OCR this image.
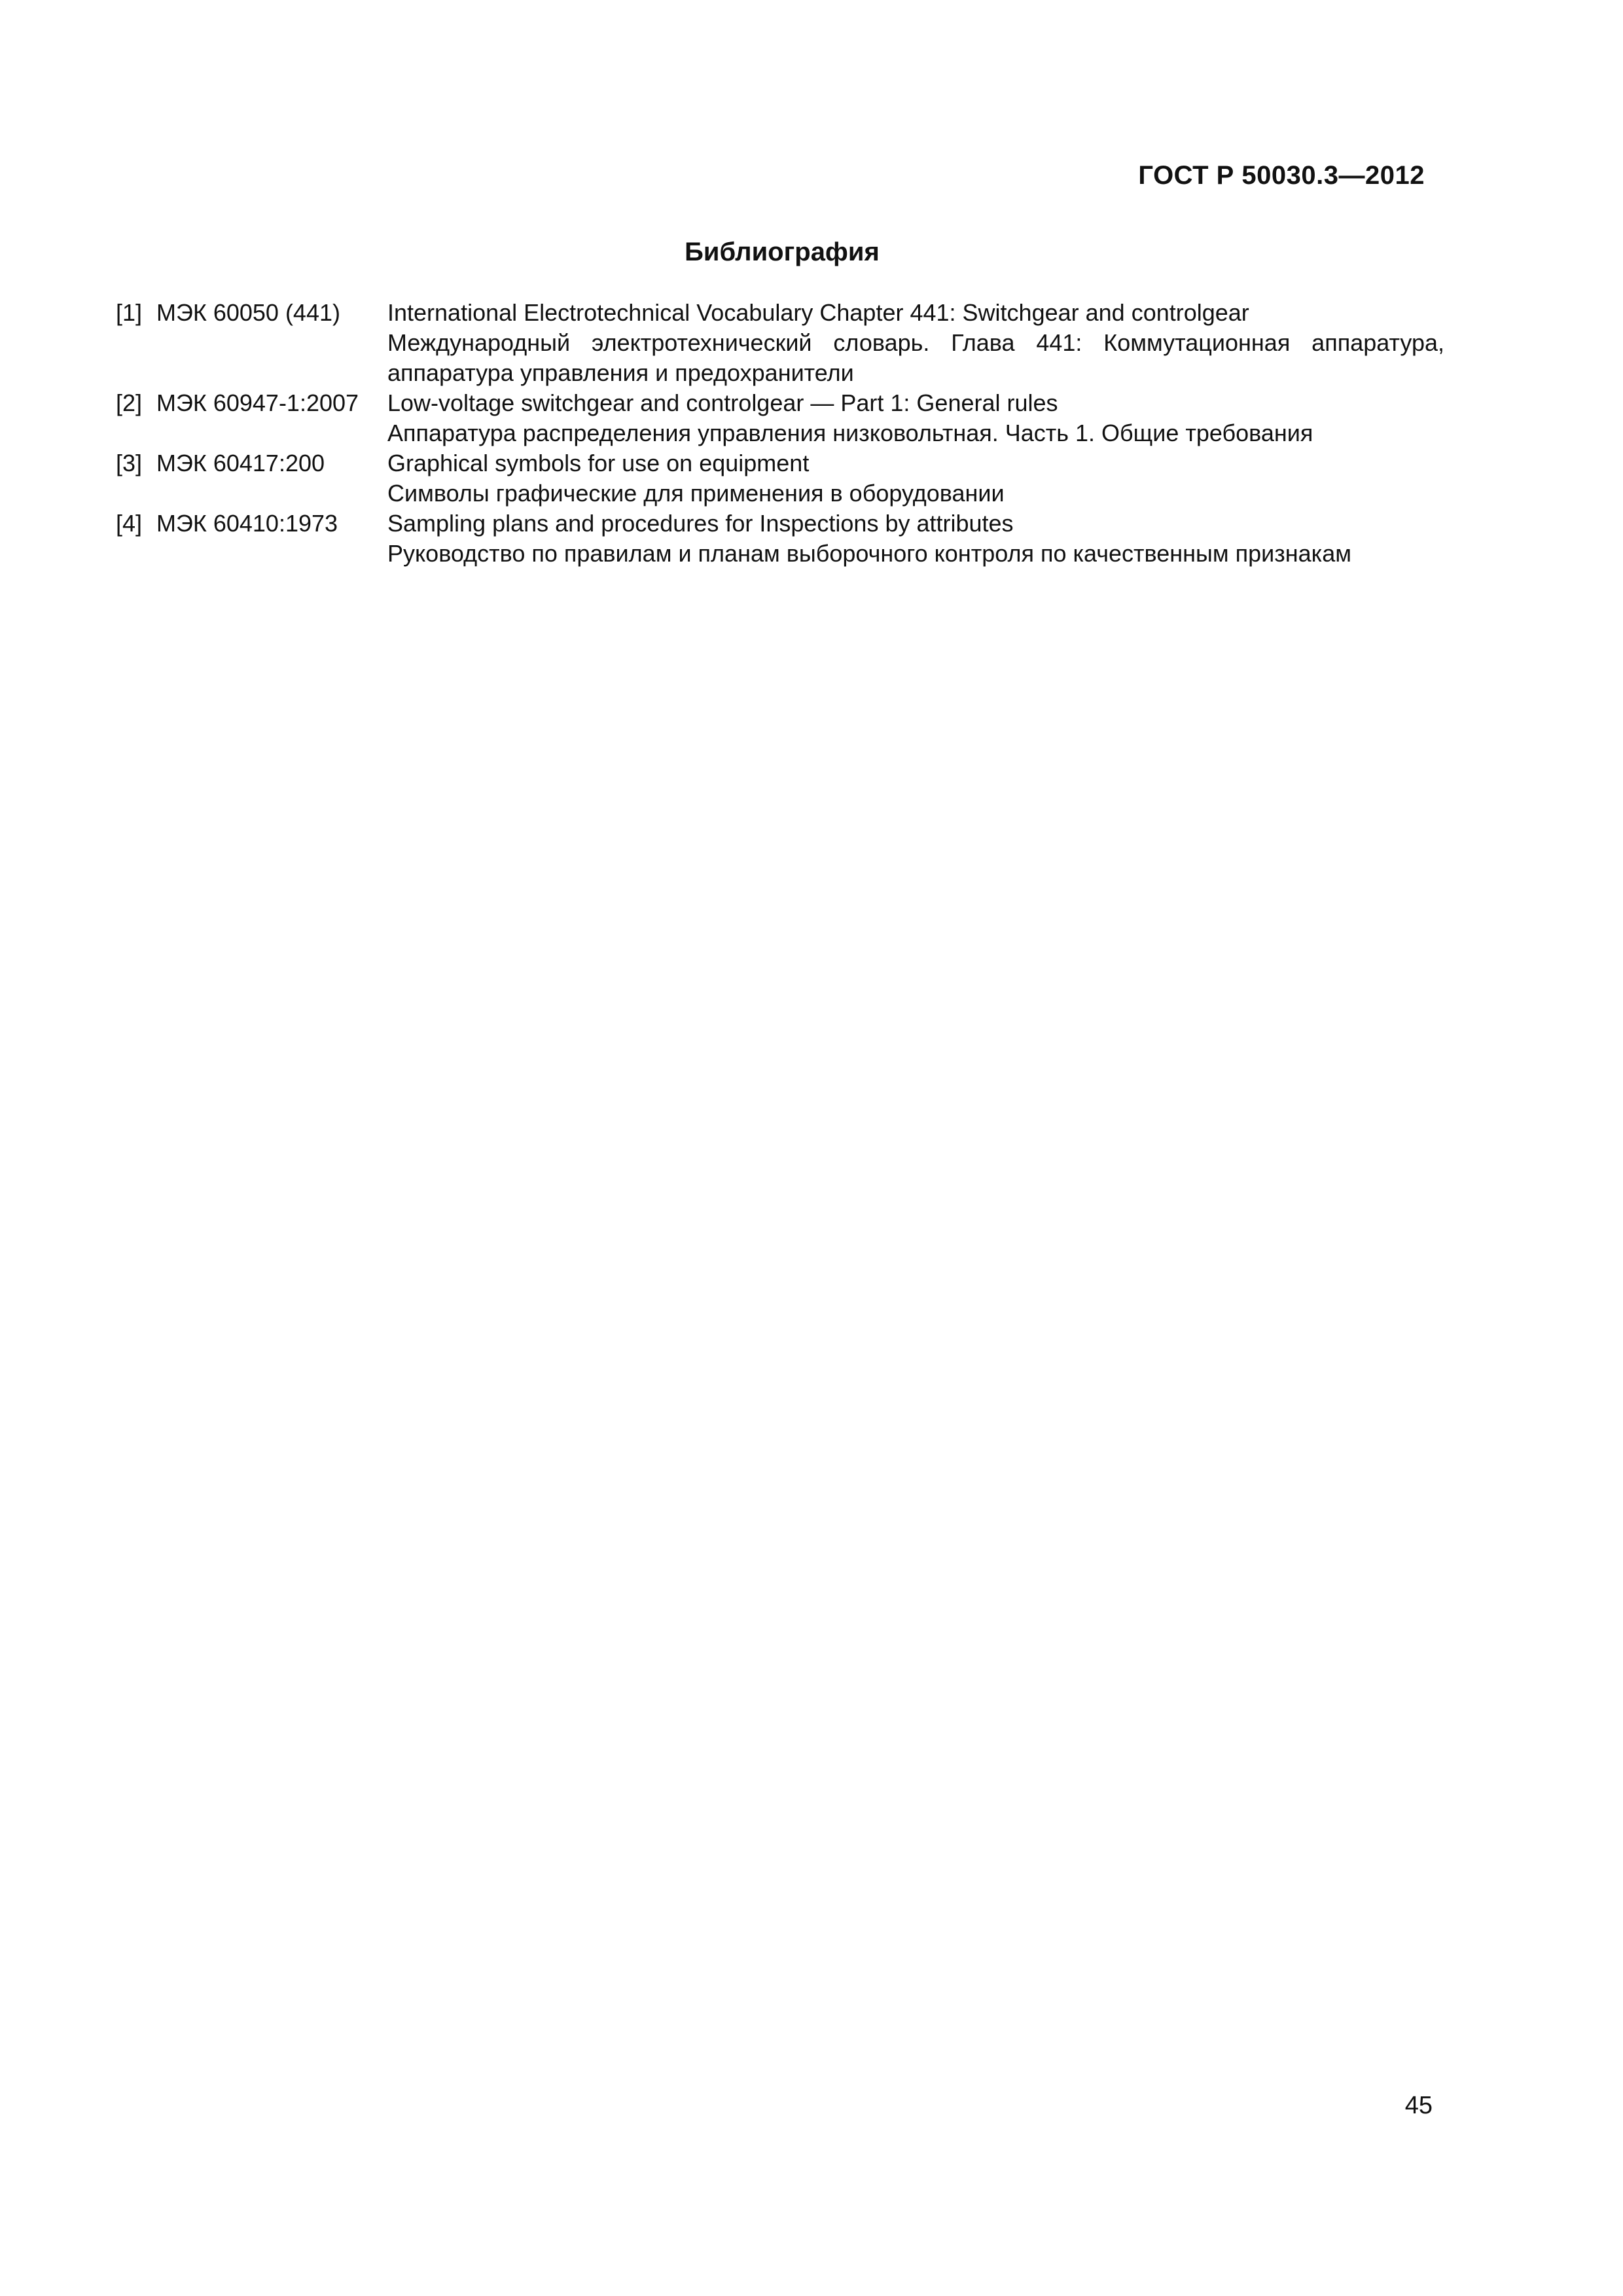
ГОСТ Р 50030.3—2012
Библиография
[1] МЭК 60050 (441)	International Electrotechnical Vocabulary Chapter 441: Switchgear and controlgear
Международный электротехнический словарь. Глава 441: Коммутационная аппаратура, аппаратура управления и предохранители
[2] МЭК 60947-1:2007	Low-voltage switchgear and controlgear — Part 1: General rules
Аппаратура распределения управления низковольтная. Часть 1. Общие требования
[3] МЭК 60417:200	Graphical symbols for use on equipment
Символы графические для применения в оборудовании
[4] МЭК 60410:1973	Sampling plans and procedures for Inspections by attributes
Руководство по правилам и планам выборочного контроля по качественным признакам
45
